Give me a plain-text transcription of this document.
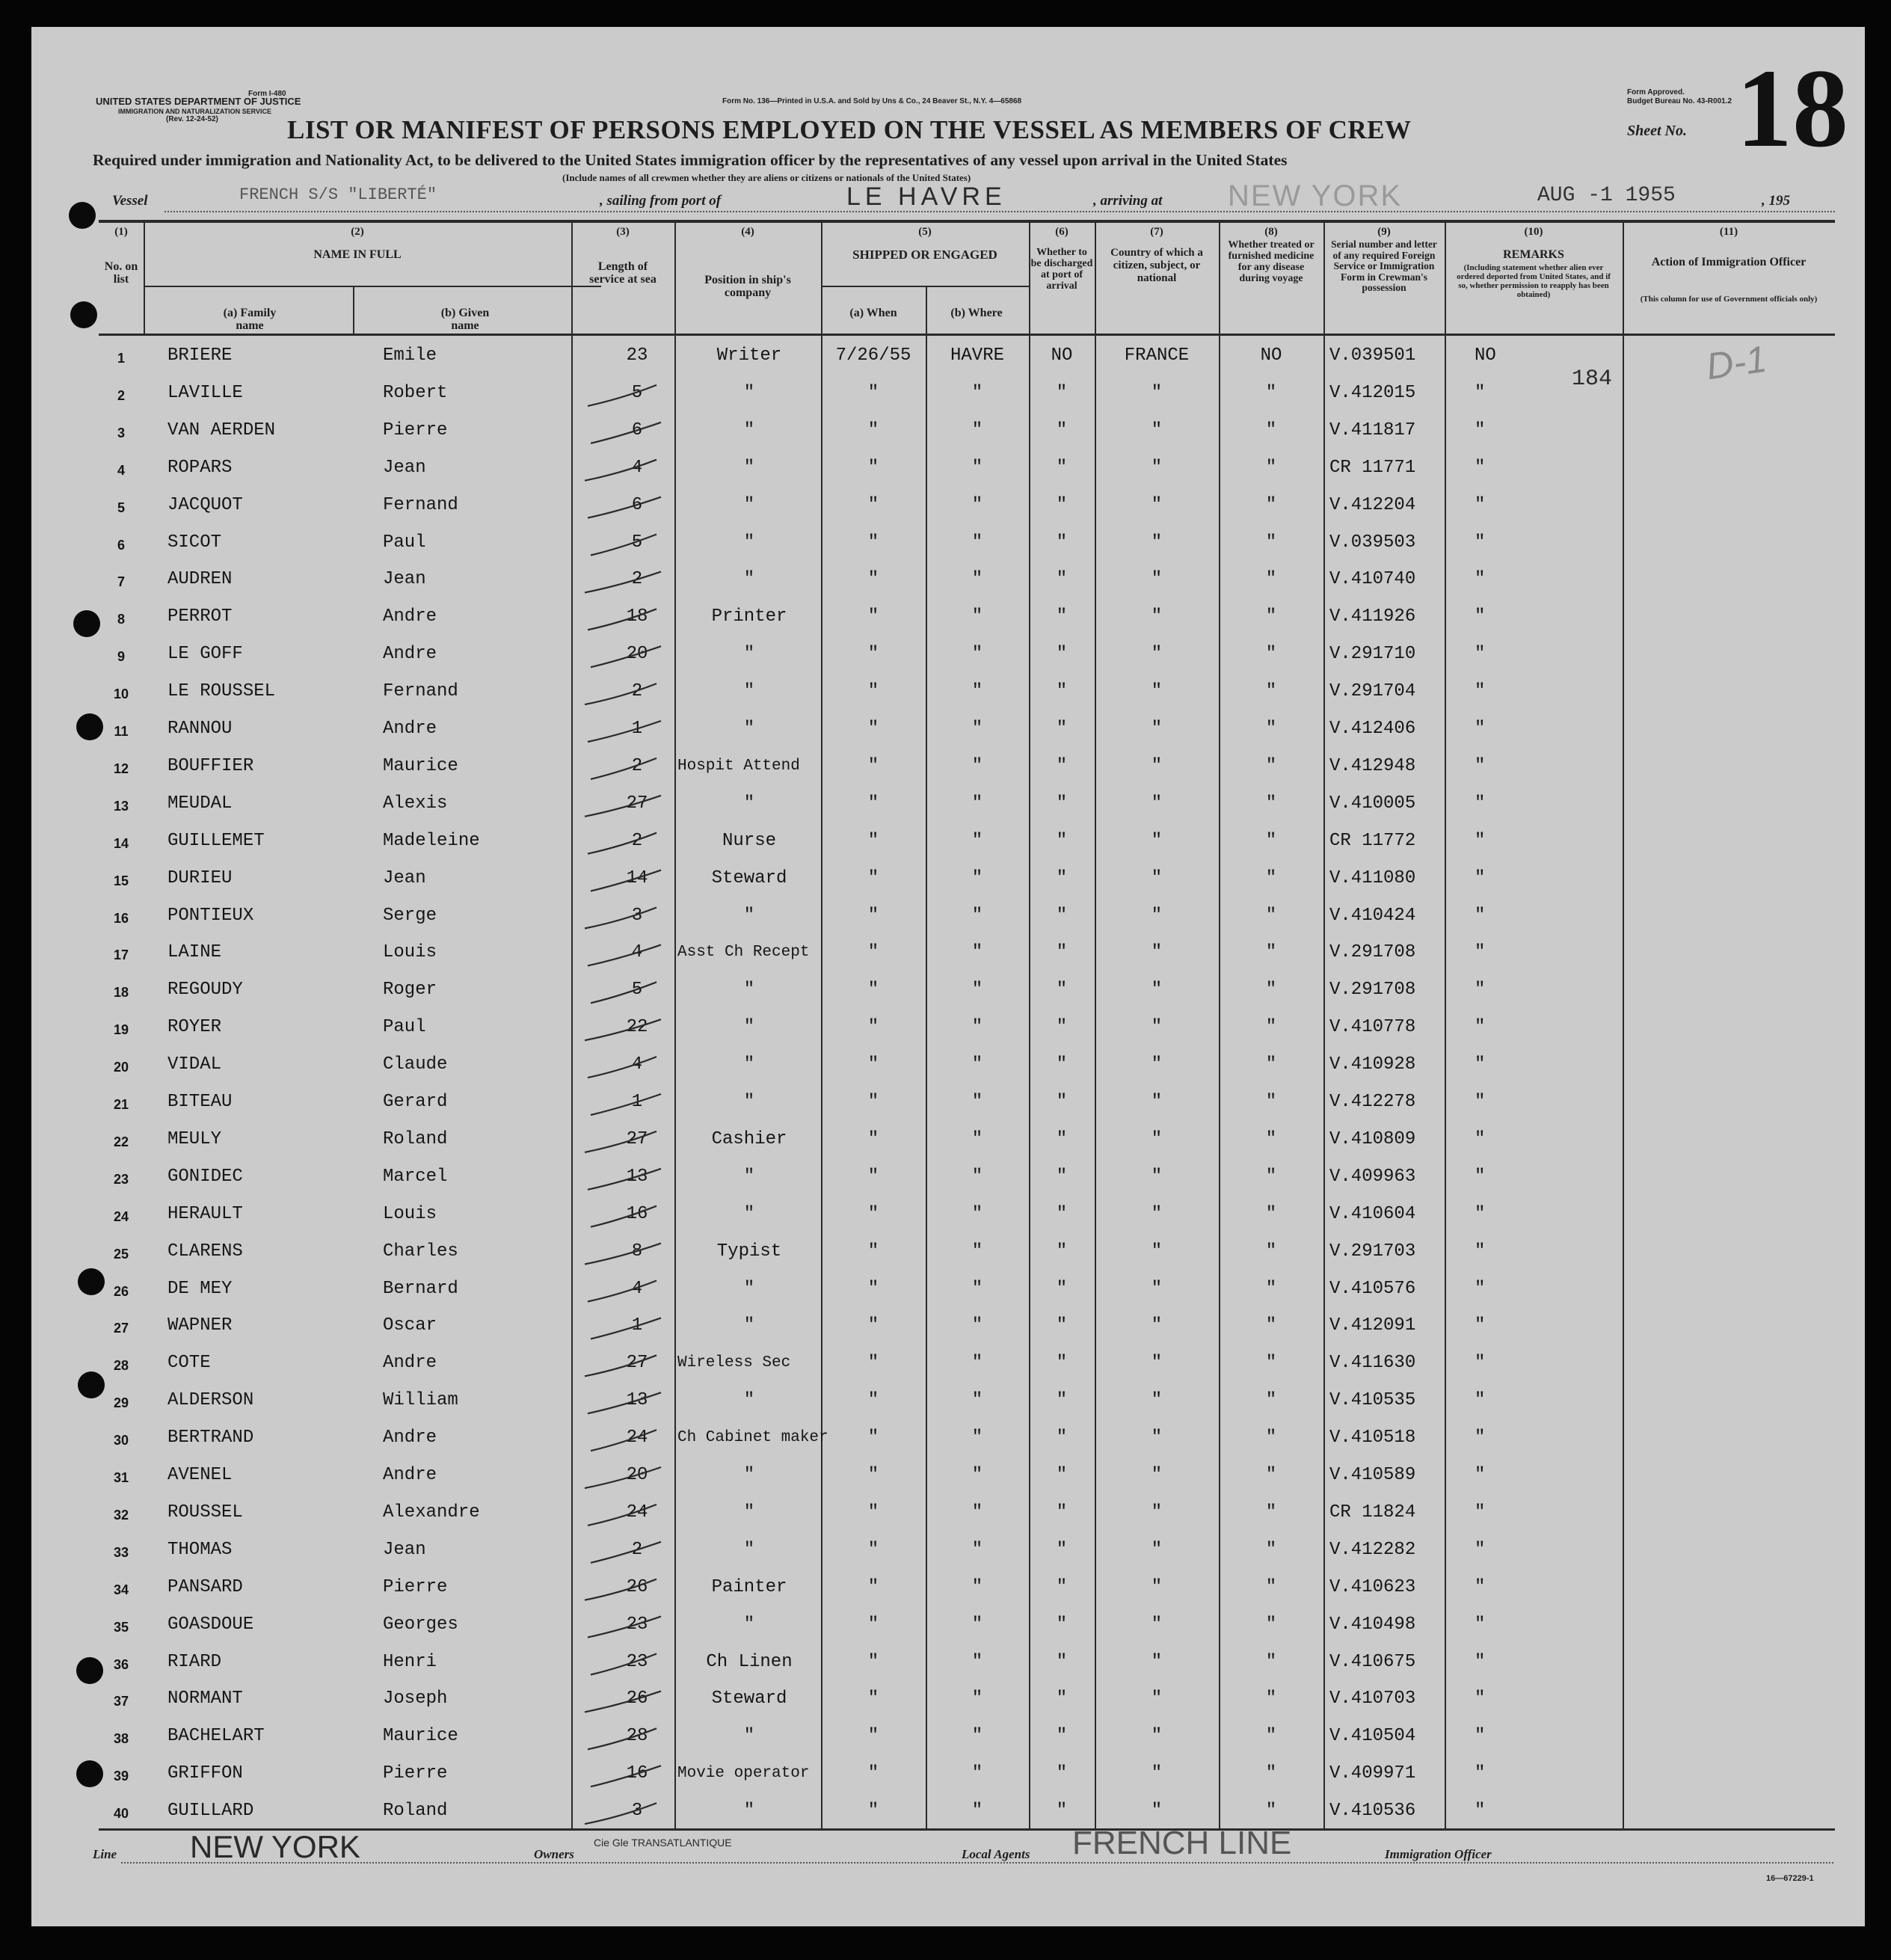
Form I-480
UNITED STATES DEPARTMENT OF JUSTICE
IMMIGRATION AND NATURALIZATION SERVICE
(Rev. 12-24-52)
Form No. 136—Printed in U.S.A. and Sold by Uns & Co., 24 Beaver St., N.Y. 4—65868
Form Approved.
Budget Bureau No. 43-R001.2
LIST OR MANIFEST OF PERSONS EMPLOYED ON THE VESSEL AS MEMBERS OF CREW	Sheet No. 18
Required under immigration and Nationality Act, to be delivered to the United States immigration officer by the representatives of any vessel upon arrival in the United States
(Include names of all crewmen whether they are aliens or citizens or nationals of the United States)
Vessel	FRENCH S/S "LIBERTÉ"	, sailing from port of	LE HAVRE	, arriving at NEW YORK	AUG -1 1955	, 195
(1)	(2)	(3)	(4)	(5)	(6)	(7)	(8)	(9)	(10)	(11)
No. on list
NAME IN FULL
(a) Family name
(b) Given name
Length of service at sea	Position in ship's company
SHIPPED OR ENGAGED
(a) When	(b) Where
Whether to be discharged at port of arrival
Country of which a citizen, subject, or national
Whether treated or furnished medicine for any disease during voyage
Serial number and letter of any required Foreign Service or Immigration Form in Crewman's possession
REMARKS
(Including statement whether alien ever ordered deported from United States, and if so, whether permission to reapply has been obtained)
Action of Immigration Officer
(This column for use of Government officials only)
1	BRIERE	Emile	23	Writer	7/26/55	HAVRE	NO	FRANCE	NO	V.039501	NO
2	LAVILLE	Robert	5	"	"	"	"	"	"	V.412015	"
3	VAN AERDEN	Pierre	6	"	"	"	"	"	"	V.411817	"
4	ROPARS	Jean	4	"	"	"	"	"	"	CR 11771	"
5	JACQUOT	Fernand	6	"	"	"	"	"	"	V.412204	"
6	SICOT	Paul	5	"	"	"	"	"	"	V.039503	"
7	AUDREN	Jean	2	"	"	"	"	"	"	V.410740	"
8	PERROT	Andre	18	Printer	"	"	"	"	"	V.411926	"
9	LE GOFF	Andre	20	"	"	"	"	"	"	V.291710	"
10	LE ROUSSEL	Fernand	2	"	"	"	"	"	"	V.291704	"
11	RANNOU	Andre	1	"	"	"	"	"	"	V.412406	"
12	BOUFFIER	Maurice	2	Hospit Attend	"	"	"	"	"	V.412948	"
13	MEUDAL	Alexis	27	"	"	"	"	"	"	V.410005	"
14	GUILLEMET	Madeleine	2	Nurse	"	"	"	"	"	CR 11772	"
15	DURIEU	Jean	14	Steward	"	"	"	"	"	V.411080	"
16	PONTIEUX	Serge	3	"	"	"	"	"	"	V.410424	"
17	LAINE	Louis	4	Asst Ch Recept	"	"	"	"	"	V.291708	"
18	REGOUDY	Roger	5	"	"	"	"	"	"	V.291708	"
19	ROYER	Paul	22	"	"	"	"	"	"	V.410778	"
20	VIDAL	Claude	4	"	"	"	"	"	"	V.410928	"
21	BITEAU	Gerard	1	"	"	"	"	"	"	V.412278	"
22	MEULY	Roland	27	Cashier	"	"	"	"	"	V.410809	"
23	GONIDEC	Marcel	13	"	"	"	"	"	"	V.409963	"
24	HERAULT	Louis	16	"	"	"	"	"	"	V.410604	"
25	CLARENS	Charles	8	Typist	"	"	"	"	"	V.291703	"
26	DE MEY	Bernard	4	"	"	"	"	"	"	V.410576	"
27	WAPNER	Oscar	1	"	"	"	"	"	"	V.412091	"
28	COTE	Andre	27	Wireless Sec	"	"	"	"	"	V.411630	"
29	ALDERSON	William	13	"	"	"	"	"	"	V.410535	"
30	BERTRAND	Andre	24	Ch Cabinet maker	"	"	"	"	"	V.410518	"
31	AVENEL	Andre	20	"	"	"	"	"	"	V.410589	"
32	ROUSSEL	Alexandre	24	"	"	"	"	"	"	CR 11824	"
33	THOMAS	Jean	2	"	"	"	"	"	"	V.412282	"
34	PANSARD	Pierre	26	Painter	"	"	"	"	"	V.410623	"
35	GOASDOUE	Georges	23	"	"	"	"	"	"	V.410498	"
36	RIARD	Henri	23	Ch Linen	"	"	"	"	"	V.410675	"
37	NORMANT	Joseph	26	Steward	"	"	"	"	"	V.410703	"
38	BACHELART	Maurice	28	"	"	"	"	"	"	V.410504	"
39	GRIFFON	Pierre	16	Movie operator	"	"	"	"	"	V.409971	"
40	GUILLARD	Roland	3	"	"	"	"	"	"	V.410536	"
184 D-1
Line NEW YORK	Owners
Cie Gle TRANSATLANTIQUE
Local Agents FRENCH LINE	Immigration Officer
16—67229-1
